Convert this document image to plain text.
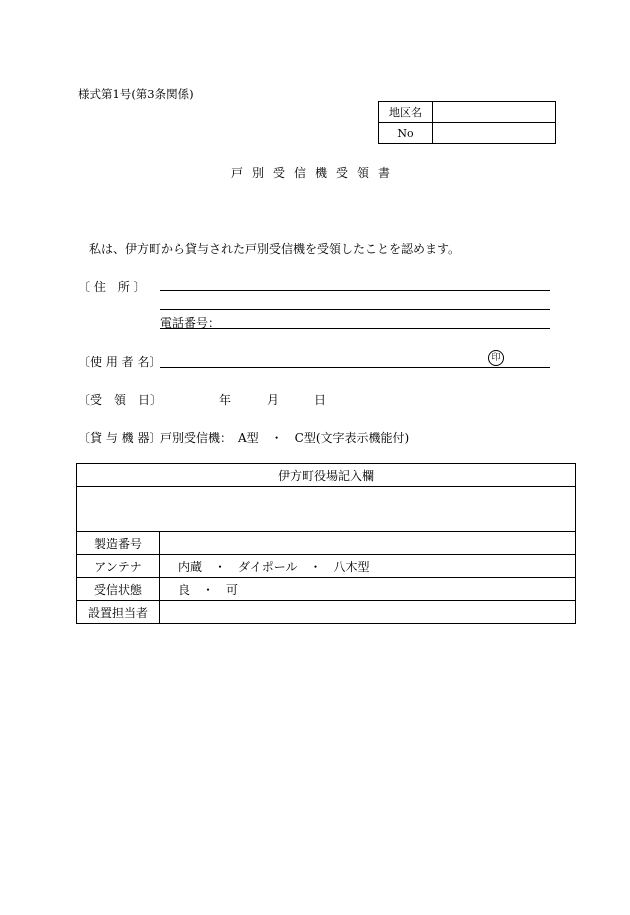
様式第1号(第3条関係)
地区名	
No	
戸別受信機受領書
私は、伊方町から貸与された戸別受信機を受領したことを認めます。
〔 住　所 〕
電話番号：
〔使 用 者 名〕	印
〔受　領　日〕	年	月	日
〔貸 与 機 器〕
戸別受信機：　A型　・　C型(文字表示機能付)
伊方町役場記入欄	

製造番号	
アンテナ	内蔵　・　ダイポール　・　八木型
受信状態	良　・　可
設置担当者	
